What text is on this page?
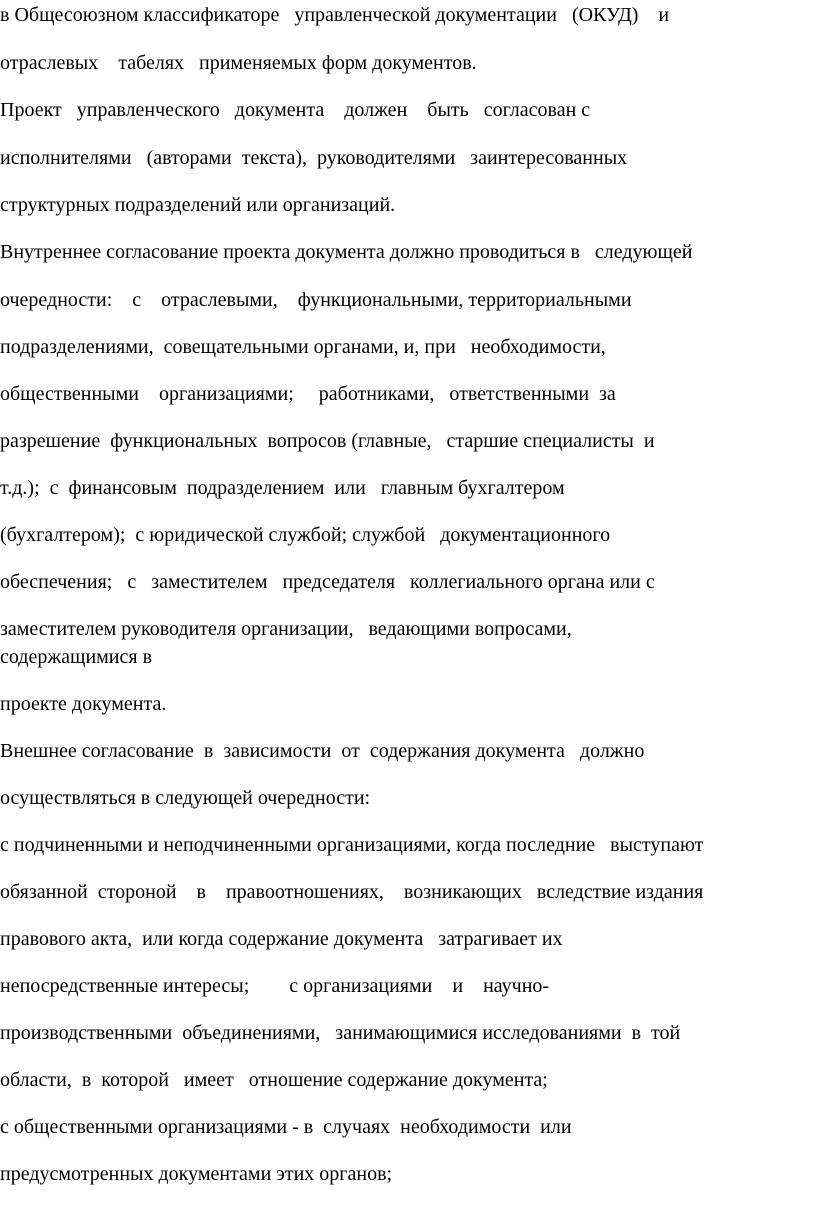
в Общесоюзном классификаторе   управленческой документации   (ОКУД)    и
отраслевых    табелях   применяемых форм документов.
Проект   управленческого   документа    должен    быть   согласован с
исполнителями   (авторами  текста),  руководителями   заинтересованных
структурных подразделений или организаций.
Внутреннее согласование проекта документа должно проводиться в   следующей
очередности:    с    отраслевыми,    функциональными, территориальными
подразделениями,  совещательными органами, и, при   необходимости,
общественными    организациями;     работниками,   ответственными  за
разрешение  функциональных  вопросов (главные,   старшие специалисты  и
т.д.);  с  финансовым  подразделением  или   главным бухгалтером
(бухгалтером);  с юридической службой; службой   документационного
обеспечения;   с   заместителем   председателя   коллегиального органа или с
заместителем руководителя организации,   ведающими вопросами,
содержащимися в
проекте документа.
Внешнее согласование  в  зависимости  от  содержания документа   должно
осуществляться в следующей очередности:
с подчиненными и неподчиненными организациями, когда последние   выступают
обязанной  стороной    в    правоотношениях,    возникающих   вследствие издания
правового акта,  или когда содержание документа   затрагивает их
непосредственные интересы;        с организациями    и    научно-
производственными  объединениями,   занимающимися исследованиями  в  той
области,  в  которой   имеет   отношение содержание документа;
с общественными организациями - в  случаях  необходимости  или
предусмотренных документами этих органов;
